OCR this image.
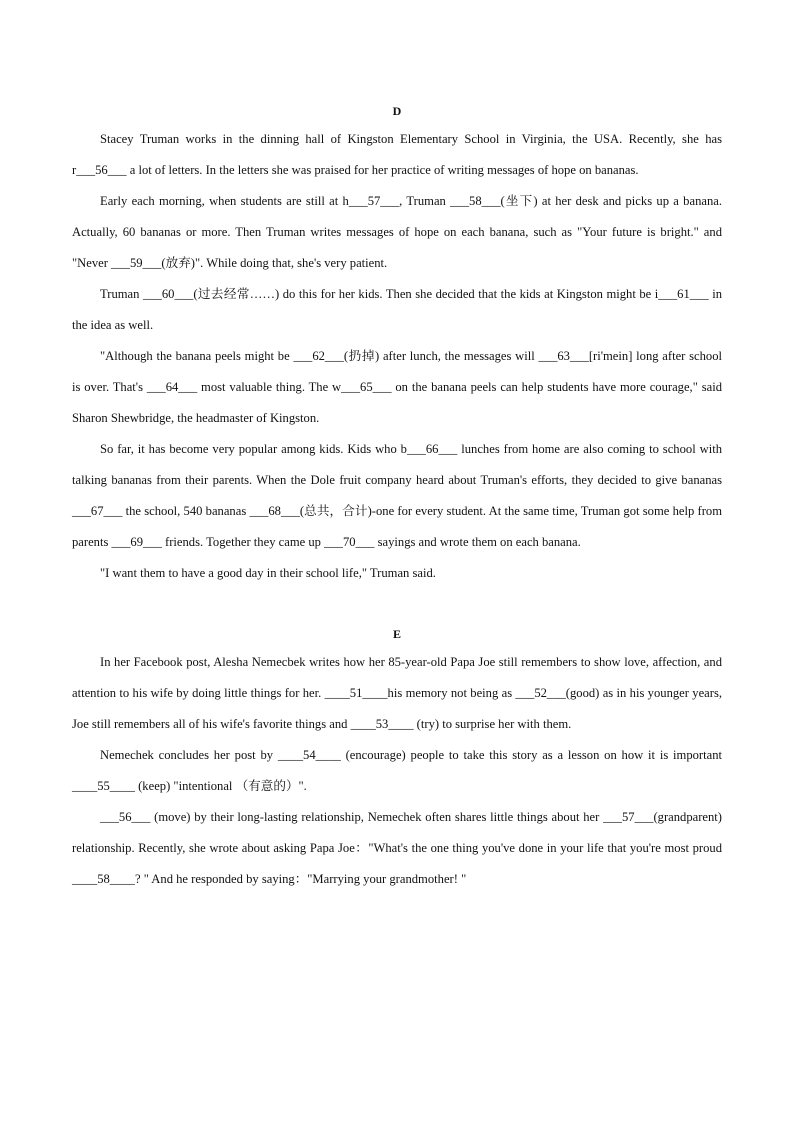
D

Stacey Truman works in the dinning hall of Kingston Elementary School in Virginia, the USA. Recently, she has r___56___ a lot of letters. In the letters she was praised for her practice of writing messages of hope on bananas.

Early each morning, when students are still at h___57___, Truman ___58___(坐下) at her desk and picks up a banana. Actually, 60 bananas or more. Then Truman writes messages of hope on each banana, such as "Your future is bright." and "Never ___59___(放弃)". While doing that, she's very patient.

Truman ___60___(过去经常……) do this for her kids. Then she decided that the kids at Kingston might be i___61___ in the idea as well.

"Although the banana peels might be ___62___(扔掉) after lunch, the messages will ___63___[ri'mein] long after school is over. That's ___64___ most valuable thing. The w___65___ on the banana peels can help students have more courage," said Sharon Shewbridge, the headmaster of Kingston.

So far, it has become very popular among kids. Kids who b___66___ lunches from home are also coming to school with talking bananas from their parents. When the Dole fruit company heard about Truman's efforts, they decided to give bananas ___67___ the school, 540 bananas ___68___(总共，合计)-one for every student. At the same time, Truman got some help from parents ___69___ friends. Together they came up ___70___ sayings and wrote them on each banana.

"I want them to have a good day in their school life," Truman said.

E

In her Facebook post, Alesha Nemecbek writes how her 85-year-old Papa Joe still remembers to show love, affection, and attention to his wife by doing little things for her. ____51____his memory not being as ___52___(good) as in his younger years, Joe still remembers all of his wife's favorite things and ____53____ (try) to surprise her with them.

Nemechek concludes her post by ____54____ (encourage) people to take this story as a lesson on how it is important ____55____ (keep) "intentional （有意的）".

___56___ (move) by their long-lasting relationship, Nemechek often shares little things about her ___57___(grandparent) relationship. Recently, she wrote about asking Papa Joe："What's the one thing you've done in your life that you're most proud ____58____? " And he responded by saying："Marrying your grandmother! "
